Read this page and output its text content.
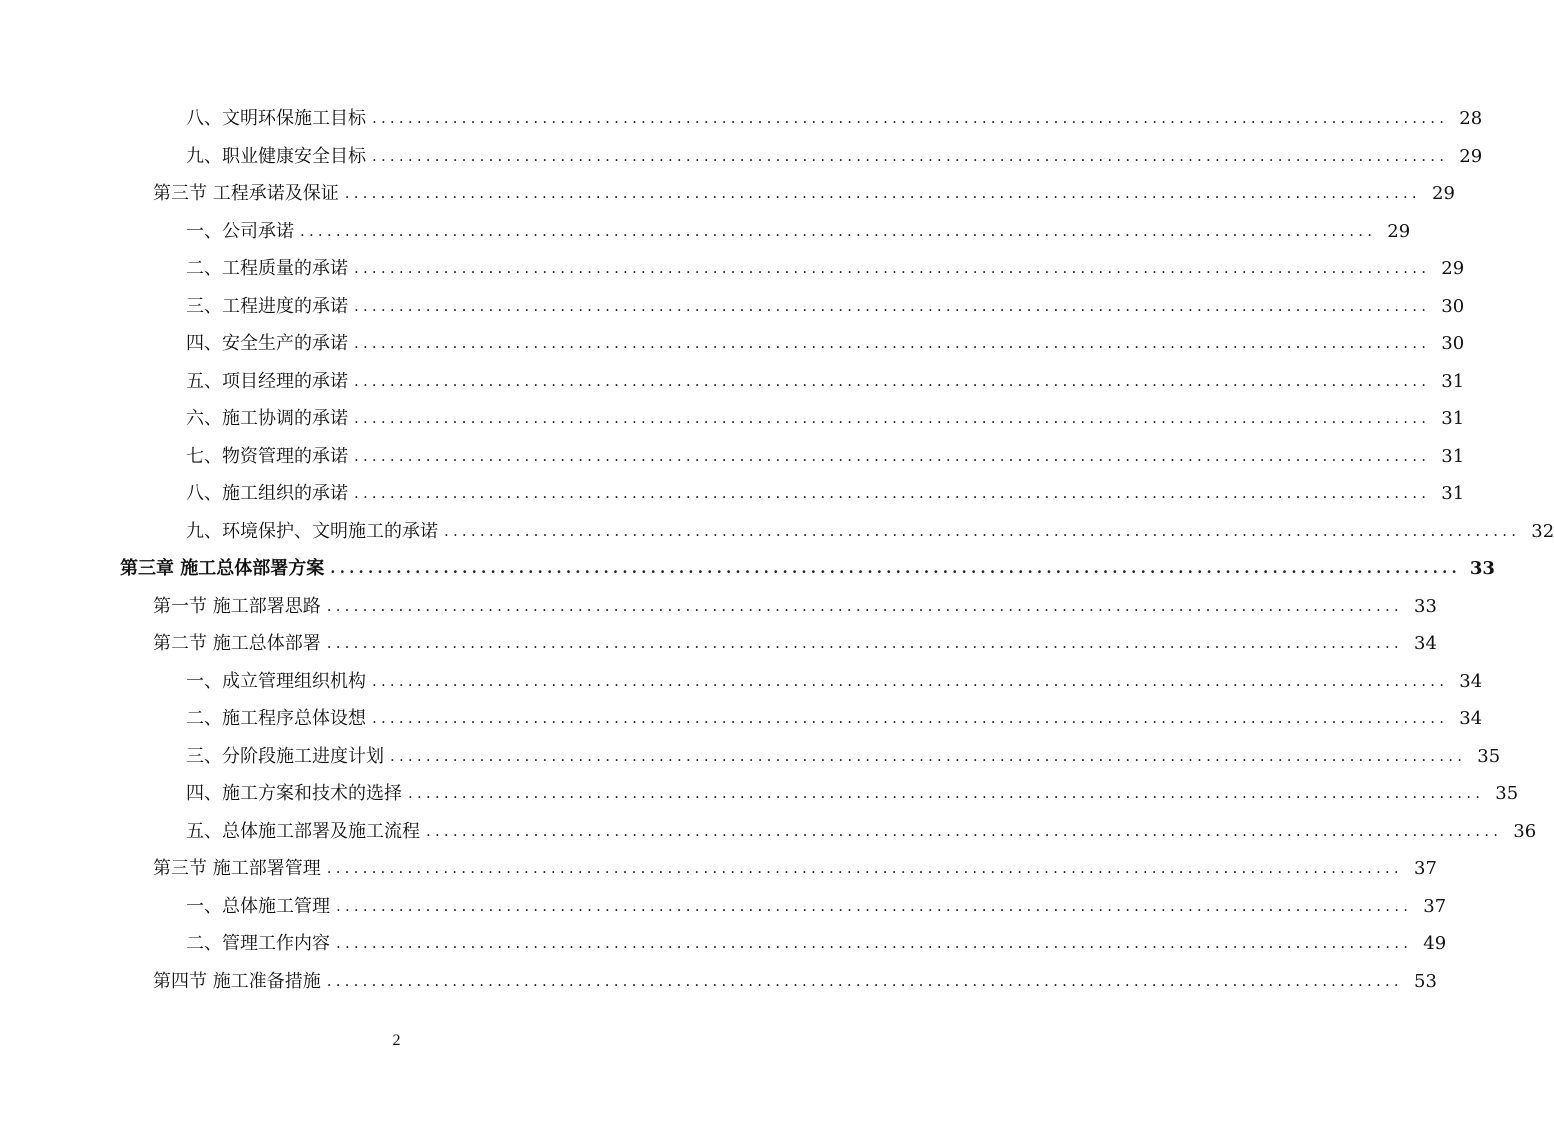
八、文明环保施工目标 ........................................................................................................................ 28
九、职业健康安全目标 ........................................................................................................................ 29
第三节 工程承诺及保证 ........................................................................................................................ 29
一、公司承诺 ........................................................................................................................ 29
二、工程质量的承诺 ........................................................................................................................ 29
三、工程进度的承诺 ........................................................................................................................ 30
四、安全生产的承诺 ........................................................................................................................ 30
五、项目经理的承诺 ........................................................................................................................ 31
六、施工协调的承诺 ........................................................................................................................ 31
七、物资管理的承诺 ........................................................................................................................ 31
八、施工组织的承诺 ........................................................................................................................ 31
九、环境保护、文明施工的承诺 ........................................................................................................................ 32
第三章 施工总体部署方案 ........................................................................................................................ 33
第一节 施工部署思路 ........................................................................................................................ 33
第二节 施工总体部署 ........................................................................................................................ 34
一、成立管理组织机构 ........................................................................................................................ 34
二、施工程序总体设想 ........................................................................................................................ 34
三、分阶段施工进度计划 ........................................................................................................................ 35
四、施工方案和技术的选择 ........................................................................................................................ 35
五、总体施工部署及施工流程 ........................................................................................................................ 36
第三节 施工部署管理 ........................................................................................................................ 37
一、总体施工管理 ........................................................................................................................ 37
二、管理工作内容 ........................................................................................................................ 49
第四节 施工准备措施 ........................................................................................................................ 53
2
